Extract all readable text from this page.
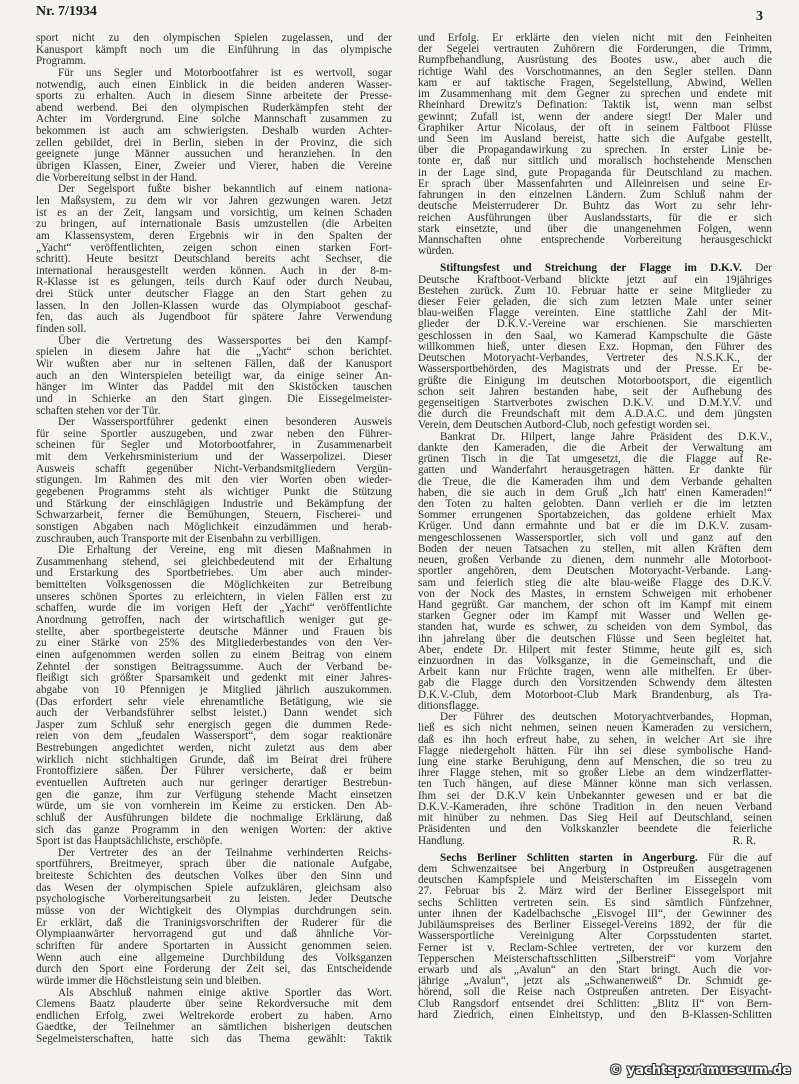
Nr. 7/1934	3
sport nicht zu den olympischen Spielen zugelassen, und der
Kanusport kämpft noch um die Einführung in das olympische
Programm.
Für uns Segler und Motorbootfahrer ist es wertvoll, sogar
notwendig, auch einen Einblick in die beiden anderen Wasser-
sports zu erhalten. Auch in diesem Sinne arbeitete der Presse-
abend werbend. Bei den olympischen Ruderkämpfen steht der
Achter im Vordergrund. Eine solche Mannschaft zusammen zu
bekommen ist auch am schwierigsten. Deshalb wurden Achter-
zellen gebildet, drei in Berlin, sieben in der Provinz, die sich
geeignete junge Männer aussuchen und heranziehen. In den
übrigen Klassen, Einer, Zweier und Vierer, haben die Vereine
die Vorbereitung selbst in der Hand.
Der Segelsport fußte bisher bekanntlich auf einem nationa-
len Maßsystem, zu dem wir vor Jahren gezwungen waren. Jetzt
ist es an der Zeit, langsam und vorsichtig, um keinen Schaden
zu bringen, auf internationale Basis umzustellen (die Arbeiten
am Klassensystem, deren Ergebnis wir in den Spalten der
„Yacht“ veröffentlichten, zeigen schon einen starken Fort-
schritt). Heute besitzt Deutschland bereits acht Sechser, die
international herausgestellt werden können. Auch in der 8-m-
R-Klasse ist es gelungen, teils durch Kauf oder durch Neubau,
drei Stück unter deutscher Flagge an den Start gehen zu
lassen. In den Jollen-Klassen wurde das Olympiaboot geschaf-
fen, das auch als Jugendboot für spätere Jahre Verwendung
finden soll.
Über die Vertretung des Wassersportes bei den Kampf-
spielen in diesem Jahre hat die „Yacht“ schon berichtet.
Wir wußten aber nur in seltenen Fällen, daß der Kanusport
auch an den Winterspielen beteiligt war, da einige seiner An-
hänger im Winter das Paddel mit den Skistöcken tauschen
und in Schierke an den Start gingen. Die Eissegelmeister-
schaften stehen vor der Tür.
Der Wassersportführer gedenkt einen besonderen Ausweis
für seine Sportler auszugeben, und zwar neben den Führer-
scheinen für Segler und Motorbootfahrer, in Zusammenarbeit
mit dem Verkehrsministerium und der Wasserpolizei. Dieser
Ausweis schafft gegenüber Nicht-Verbandsmitgliedern Vergün-
stigungen. Im Rahmen des mit den vier Worten oben wieder-
gegebenen Programms steht als wichtiger Punkt die Stützung
und Stärkung der einschlägigen Industrie und Bekämpfung der
Schwarzarbeit, ferner die Bemühungen, Steuern, Fischerei- und
sonstigen Abgaben nach Möglichkeit einzudämmen und herab-
zuschrauben, auch Transporte mit der Eisenbahn zu verbilligen.
Die Erhaltung der Vereine, eng mit diesen Maßnahmen in
Zusammenhang stehend, sei gleichbedeutend mit der Erhaltung
und Erstarkung des Sportbetriebes. Um aber auch minder-
bemittelten Volksgenossen die Möglichkeiten zur Betreibung
unseres schönen Sportes zu erleichtern, in vielen Fällen erst zu
schaffen, wurde die im vorigen Heft der „Yacht“ veröffentlichte
Anordnung getroffen, nach der wirtschaftlich weniger gut ge-
stellte, aber sportbegeisterte deutsche Männer und Frauen bis
zu einer Stärke von 25% des Mitgliederbestandes von den Ver-
einen aufgenommen werden sollen zu einem Beitrag von einem
Zehntel der sonstigen Beitragssumme. Auch der Verband be-
fleißigt sich größter Sparsamkeit und gedenkt mit einer Jahres-
abgabe von 10 Pfennigen je Mitglied jährlich auszukommen.
(Das erfordert sehr viele ehrenamtliche Betätigung, wie sie
auch der Verbandsführer selbst leistet.) Dann wendet sich
Jasper zum Schluß sehr energisch gegen die dummen Rede-
reien von dem „feudalen Wassersport“, dem sogar reaktionäre
Bestrebungen angedichtet werden, nicht zuletzt aus dem aber
wirklich nicht stichhaltigen Grunde, daß im Beirat drei frühere
Frontoffiziere säßen. Der Führer versicherte, daß er beim
eventuellen Auftreten auch nur geringer derartiger Bestrebun-
gen die ganze, ihm zur Verfügung stehende Macht einsetzen
würde, um sie von vornherein im Keime zu ersticken. Den Ab-
schluß der Ausführungen bildete die nochmalige Erklärung, daß
sich das ganze Programm in den wenigen Worten: der aktive
Sport ist das Hauptsächlichste, erschöpfe.
Der Vertreter des an der Teilnahme verhinderten Reichs-
sportführers, Breitmeyer, sprach über die nationale Aufgabe,
breiteste Schichten des deutschen Volkes über den Sinn und
das Wesen der olympischen Spiele aufzuklären, gleichsam also
psychologische Vorbereitungsarbeit zu leisten. Jeder Deutsche
müsse von der Wichtigkeit des Olympias durchdrungen sein.
Er erklärt, daß die Traninigsvorschriften der Ruderer für die
Olympiaanwärter hervorragend gut und daß ähnliche Vor-
schriften für andere Sportarten in Aussicht genommen seien.
Wenn auch eine allgemeine Durchbildung des Volksganzen
durch den Sport eine Forderung der Zeit sei, das Entscheidende
würde immer die Höchstleistung sein und bleiben.
Als Abschluß nahmen einige aktive Sportler das Wort.
Clemens Baatz plauderte über seine Rekordversuche mit dem
endlichen Erfolg, zwei Weltrekorde erobert zu haben. Arno
Gaedtke, der Teilnehmer an sämtlichen bisherigen deutschen
Segelmeisterschaften, hatte sich das Thema gewählt: Taktik
und Erfolg. Er erklärte den vielen nicht mit den Feinheiten
der Segelei vertrauten Zuhörern die Forderungen, die Trimm,
Rumpfbehandlung, Ausrüstung des Bootes usw., aber auch die
richtige Wahl des Vorschotmannes, an den Segler stellen. Dann
kam er auf taktische Fragen, Segelstellung, Abwind, Wellen
im Zusammenhang mit dem Gegner zu sprechen und endete mit
Rheinhard Drewitz's Defination: Taktik ist, wenn man selbst
gewinnt; Zufall ist, wenn der andere siegt! Der Maler und
Graphiker Artur Nicolaus, der oft in seinem Faltboot Flüsse
und Seen im Ausland bereist, hatte sich die Aufgabe gestellt,
über die Propagandawirkung zu sprechen. In erster Linie be-
tonte er, daß nur sittlich und moralisch hochstehende Menschen
in der Lage sind, gute Propaganda für Deutschland zu machen.
Er sprach über Massenfahrten und Alleinreisen und seine Er-
fahrungen in den einzelnen Ländern. Zum Schluß nahm der
deutsche Meisterruderer Dr. Buhtz das Wort zu sehr lehr-
reichen Ausführungen über Auslandsstarts, für die er sich
stark einsetzte, und über die unangenehmen Folgen, wenn
Mannschaften ohne entsprechende Vorbereitung herausgeschickt
würden.
Stiftungsfest und Streichung der Flagge im D.K.V. Der
Deutsche Kraftboot-Verband blickte jetzt auf ein 19jähriges
Bestehen zurück. Zum 10. Februar hatte er seine Mitglieder zu
dieser Feier geladen, die sich zum letzten Male unter seiner
blau-weißen Flagge vereinten. Eine stattliche Zahl der Mit-
glieder der D.K.V.-Vereine war erschienen. Sie marschierten
geschlossen in den Saal, wo Kamerad Kampschulte die Gäste
willkommen hieß, unter diesen Exz. Hopman, den Führer des
Deutschen Motoryacht-Verbandes, Vertreter des N.S.K.K., der
Wassersportbehörden, des Magistrats und der Presse. Er be-
grüßte die Einigung im deutschen Motorbootsport, die eigentlich
schon seit Jahren bestanden habe, seit der Aufhebung des
gegenseitigen Startverbotes zwischen D.K.V. und D.M.Y.V. und
die durch die Freundschaft mit dem A.D.A.C. und dem jüngsten
Verein, dem Deutschen Autbord-Club, noch gefestigt worden sei.
Bankrat Dr. Hilpert, lange Jahre Präsident des D.K.V.,
dankte den Kameraden, die die Arbeit der Verwaltung am
grünen Tisch in die Tat umgesetzt, die die Flagge auf Re-
gatten und Wanderfahrt herausgetragen hätten. Er dankte für
die Treue, die die Kameraden ihm und dem Verbande gehalten
haben, die sie auch in dem Gruß „Ich hatt' einen Kameraden!“
den Toten zu halten gelobten. Dann verlieh er die im letzten
Sommer errungenen Sportabzeichen, das goldene erhielt Max
Krüger. Und dann ermahnte und bat er die im D.K.V. zusam-
mengeschlossenen Wassersportler, sich voll und ganz auf den
Boden der neuen Tatsachen zu stellen, mit allen Kräften dem
neuen, großen Verbande zu dienen, dem nunmehr alle Motorboot-
sportler angehören, dem Deutschen Motoryacht-Verbande. Lang-
sam und feierlich stieg die alte blau-weiße Flagge des D.K.V.
von der Nock des Mastes, in ernstem Schweigen mit erhobener
Hand gegrüßt. Gar manchem, der schon oft im Kampf mit einem
starken Gegner oder im Kampf mit Wasser und Wellen ge-
standen hat, wurde es schwer, zu scheiden von dem Symbol, das
ihn jahrelang über die deutschen Flüsse und Seen begleitet hat.
Aber, endete Dr. Hilpert mit fester Stimme, heute gilt es, sich
einzuordnen in das Volksganze, in die Gemeinschaft, und die
Arbeit kann nur Früchte tragen, wenn alle mithelfen. Er über-
gab die Flagge durch den Vorsitzenden Schwendy dem ältesten
D.K.V.-Club, dem Motorboot-Club Mark Brandenburg, als Tra-
ditionsflagge.
Der Führer des deutschen Motoryachtverbandes, Hopman,
ließ es sich nicht nehmen, seinen neuen Kameraden zu versichern,
daß es ihn hoch erfreut habe, zu sehen, in welcher Art sie ihre
Flagge niedergeholt hätten. Für ihn sei diese symbolische Hand-
lung eine starke Beruhigung, denn auf Menschen, die so treu zu
ihrer Flagge stehen, mit so großer Liebe an dem windzerflatter-
ten Tuch hängen, auf diese Männer könne man sich verlassen.
Ihm sei der D.K.V kein Unbekannter gewesen und er bat die
D.K.V.-Kameraden, ihre schöne Tradition in den neuen Verband
mit hinüber zu nehmen. Das Sieg Heil auf Deutschland, seinen
Präsidenten und den Volkskanzler beendete die feierliche
Handlung.	R. R.
Sechs Berliner Schlitten starten in Angerburg. Für die auf
dem Schwenzaitsee bei Angerburg in Ostpreußen ausgetragenen
deutschen Kampfspiele und Meisterschaften im Eissegeln vom
27. Februar bis 2. März wird der Berliner Eissegelsport mit
sechs Schlitten vertreten sein. Es sind sämtlich Fünfzehner,
unter ihnen der Kadelbachsche „Eisvogel III“, der Gewinner des
Jubiläumspreises des Berliner Eissegel-Vereins 1892, der für die
Wassersportliche Vereinigung Alter Corpsstudenten startet.
Ferner ist v. Reclam-Schlee vertreten, der vor kurzem den
Tepperschen Meisterschaftsschlitten „Silberstreif“ vom Vorjahre
erwarb und als „Avalun“ an den Start bringt. Auch die vor-
jährige „Avalun“, jetzt als „Schwanenweiß“ Dr. Schmidt ge-
hörend, soll die Reise nach Ostpreußen antreten. Der Eisyacht-
Club Rangsdorf entsendet drei Schlitten: „Blitz II“ von Bern-
hard Ziedrich, einen Einheitstyp, und den B-Klassen-Schlitten
© yachtsportmuseum.de
